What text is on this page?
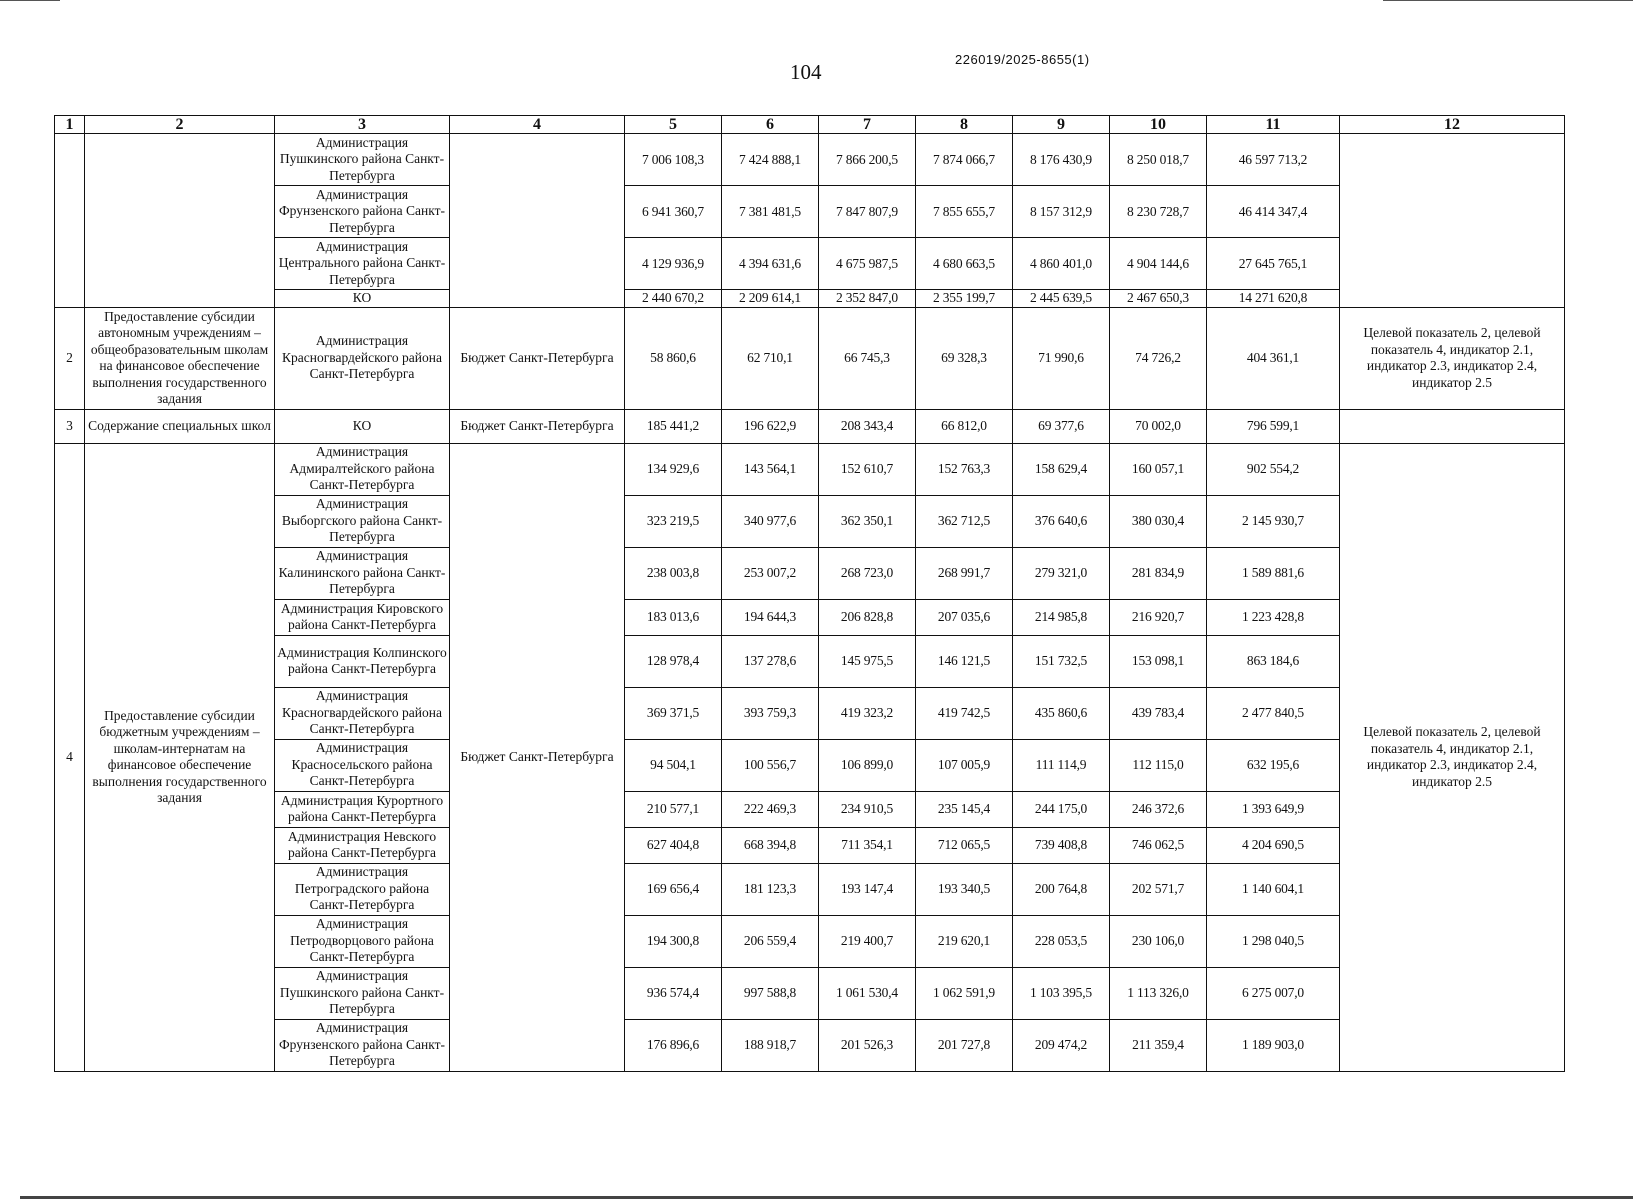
104
226019/2025-8655(1)
1	2	3	4	5	6	7	8	9	10	11	12
		Администрация Пушкинского района Санкт-Петербурга		7 006 108,3	7 424 888,1	7 866 200,5	7 874 066,7	8 176 430,9	8 250 018,7	46 597 713,2	
		Администрация Фрунзенского района Санкт-Петербурга		6 941 360,7	7 381 481,5	7 847 807,9	7 855 655,7	8 157 312,9	8 230 728,7	46 414 347,4	
		Администрация Центрального района Санкт-Петербурга		4 129 936,9	4 394 631,6	4 675 987,5	4 680 663,5	4 860 401,0	4 904 144,6	27 645 765,1	
		КО		2 440 670,2	2 209 614,1	2 352 847,0	2 355 199,7	2 445 639,5	2 467 650,3	14 271 620,8	
2	Предоставление субсидии автономным учреждениям – общеобразовательным школам на финансовое обеспечение выполнения государственного задания	Администрация Красногвардейского района Санкт-Петербурга	Бюджет Санкт-Петербурга	58 860,6	62 710,1	66 745,3	69 328,3	71 990,6	74 726,2	404 361,1	Целевой показатель 2, целевой показатель 4, индикатор 2.1, индикатор 2.3, индикатор 2.4, индикатор 2.5
3	Содержание специальных школ	КО	Бюджет Санкт-Петербурга	185 441,2	196 622,9	208 343,4	66 812,0	69 377,6	70 002,0	796 599,1	
4	Предоставление субсидии бюджетным учреждениям – школам-интернатам на финансовое обеспечение выполнения государственного задания	Администрация Адмиралтейского района Санкт-Петербурга	Бюджет Санкт-Петербурга	134 929,6	143 564,1	152 610,7	152 763,3	158 629,4	160 057,1	902 554,2	Целевой показатель 2, целевой показатель 4, индикатор 2.1, индикатор 2.3, индикатор 2.4, индикатор 2.5
		Администрация Выборгского района Санкт-Петербурга		323 219,5	340 977,6	362 350,1	362 712,5	376 640,6	380 030,4	2 145 930,7	
		Администрация Калининского района Санкт-Петербурга		238 003,8	253 007,2	268 723,0	268 991,7	279 321,0	281 834,9	1 589 881,6	
		Администрация Кировского района Санкт-Петербурга		183 013,6	194 644,3	206 828,8	207 035,6	214 985,8	216 920,7	1 223 428,8	
		Администрация Колпинского района Санкт-Петербурга		128 978,4	137 278,6	145 975,5	146 121,5	151 732,5	153 098,1	863 184,6	
		Администрация Красногвардейского района Санкт-Петербурга		369 371,5	393 759,3	419 323,2	419 742,5	435 860,6	439 783,4	2 477 840,5	
		Администрация Красносельского района Санкт-Петербурга		94 504,1	100 556,7	106 899,0	107 005,9	111 114,9	112 115,0	632 195,6	
		Администрация Курортного района Санкт-Петербурга		210 577,1	222 469,3	234 910,5	235 145,4	244 175,0	246 372,6	1 393 649,9	
		Администрация Невского района Санкт-Петербурга		627 404,8	668 394,8	711 354,1	712 065,5	739 408,8	746 062,5	4 204 690,5	
		Администрация Петроградского района Санкт-Петербурга		169 656,4	181 123,3	193 147,4	193 340,5	200 764,8	202 571,7	1 140 604,1	
		Администрация Петродворцового района Санкт-Петербурга		194 300,8	206 559,4	219 400,7	219 620,1	228 053,5	230 106,0	1 298 040,5	
		Администрация Пушкинского района Санкт-Петербурга		936 574,4	997 588,8	1 061 530,4	1 062 591,9	1 103 395,5	1 113 326,0	6 275 007,0	
		Администрация Фрунзенского района Санкт-Петербурга		176 896,6	188 918,7	201 526,3	201 727,8	209 474,2	211 359,4	1 189 903,0	
